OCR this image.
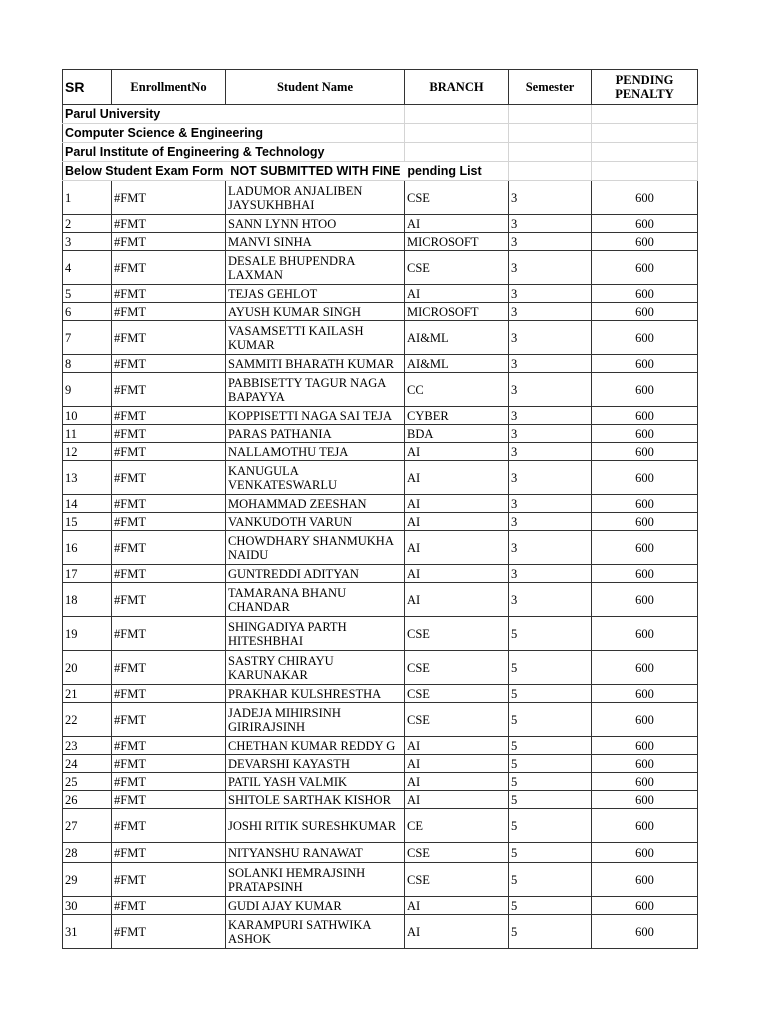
Parul University					
Computer Science & Engineering					
Parul Institute of Engineering & Technology					
Below Student Exam Form  NOT SUBMITTED WITH FINE  pending List					
SR	EnrollmentNo	Student Name	BRANCH	Semester	PENDING PENALTY
1	#FMT	LADUMOR ANJALIBEN JAYSUKHBHAI	CSE	3	600
2	#FMT	SANN LYNN HTOO	AI	3	600
3	#FMT	MANVI SINHA	MICROSOFT	3	600
4	#FMT	DESALE BHUPENDRA LAXMAN	CSE	3	600
5	#FMT	TEJAS GEHLOT	AI	3	600
6	#FMT	AYUSH KUMAR SINGH	MICROSOFT	3	600
7	#FMT	VASAMSETTI KAILASH KUMAR	AI&ML	3	600
8	#FMT	SAMMITI BHARATH KUMAR	AI&ML	3	600
9	#FMT	PABBISETTY TAGUR NAGA BAPAYYA	CC	3	600
10	#FMT	KOPPISETTI NAGA SAI TEJA	CYBER	3	600
11	#FMT	PARAS PATHANIA	BDA	3	600
12	#FMT	NALLAMOTHU TEJA	AI	3	600
13	#FMT	KANUGULA VENKATESWARLU	AI	3	600
14	#FMT	MOHAMMAD ZEESHAN	AI	3	600
15	#FMT	VANKUDOTH VARUN	AI	3	600
16	#FMT	CHOWDHARY SHANMUKHA NAIDU	AI	3	600
17	#FMT	GUNTREDDI ADITYAN	AI	3	600
18	#FMT	TAMARANA BHANU CHANDAR	AI	3	600
19	#FMT	SHINGADIYA PARTH HITESHBHAI	CSE	5	600
20	#FMT	SASTRY CHIRAYU KARUNAKAR	CSE	5	600
21	#FMT	PRAKHAR KULSHRESTHA	CSE	5	600
22	#FMT	JADEJA MIHIRSINH GIRIRAJSINH	CSE	5	600
23	#FMT	CHETHAN KUMAR REDDY G	AI	5	600
24	#FMT	DEVARSHI KAYASTH	AI	5	600
25	#FMT	PATIL YASH VALMIK	AI	5	600
26	#FMT	SHITOLE SARTHAK KISHOR	AI	5	600
27	#FMT	JOSHI RITIK SURESHKUMAR	CE	5	600
28	#FMT	NITYANSHU RANAWAT	CSE	5	600
29	#FMT	SOLANKI HEMRAJSINH PRATAPSINH	CSE	5	600
30	#FMT	GUDI AJAY KUMAR	AI	5	600
31	#FMT	KARAMPURI SATHWIKA ASHOK	AI	5	600
